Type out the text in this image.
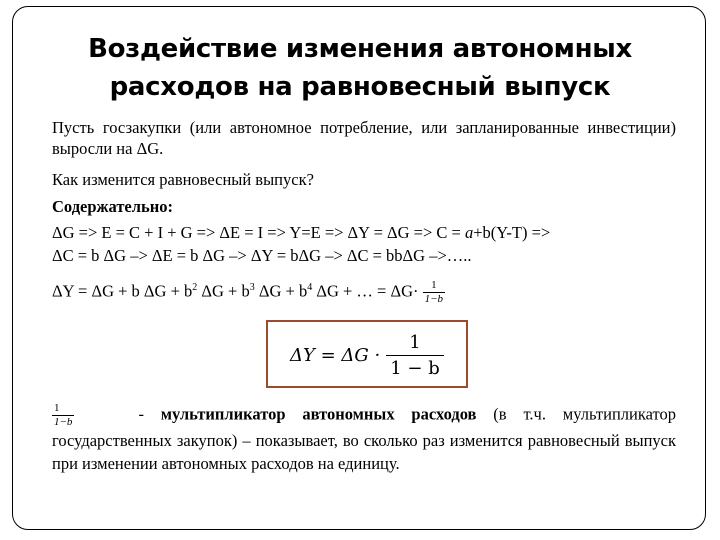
Воздействие изменения автономных
расходов на равновесный выпуск
Пусть госзакупки (или автономное потребление, или запланированные инвестиции) выросли на ΔG.
Как изменится равновесный выпуск?
Содержательно:
ΔG => E = C + I + G => ΔE = I => Y=E => ΔY = ΔG => C = a+b(Y-T) =>
ΔC = b ΔG –> ΔE = b ΔG –> ΔY = bΔG –> ΔC = bbΔG –>…..
ΔY = ΔG + b $\Delta G + b^2$ $\Delta G + b^3$ $\Delta G + b^4$ ΔG + … = $\Delta G\cdot \frac{1}{1-b}$
$\Delta Y = \Delta G \cdot \frac{1}{1 - b}$
$\frac{1}{1-b}$	- мультипликатор автономных расходов (в т.ч. мультипликатор государственных закупок) – показывает, во сколько раз изменится равновесный выпуск при изменении автономных расходов на единицу.
